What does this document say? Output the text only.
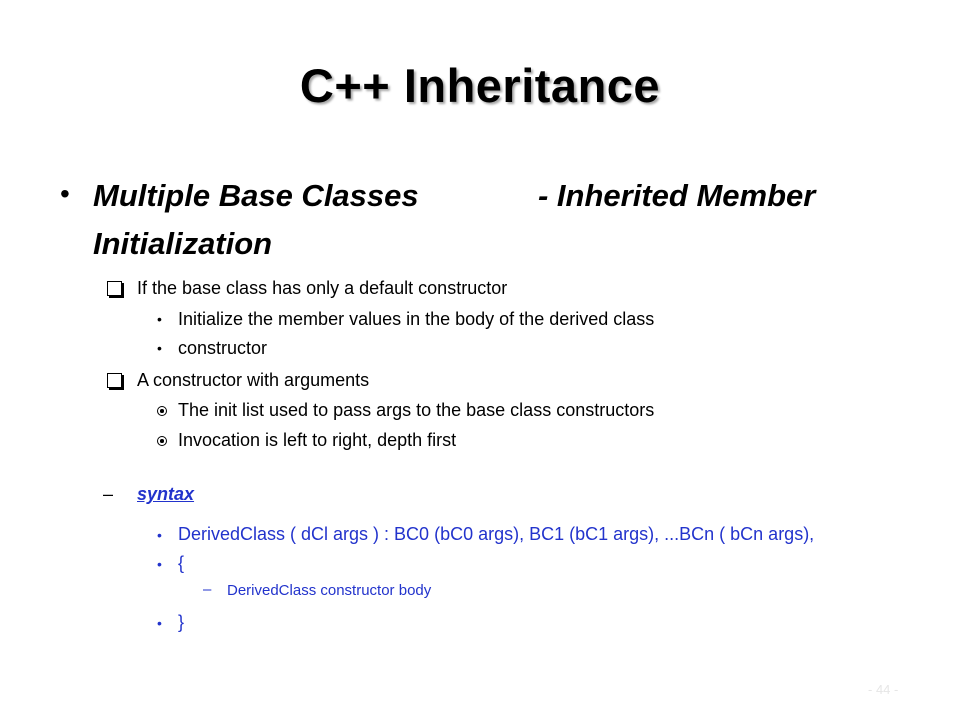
C++ Inheritance
• Multiple Base Classes	- Inherited Member
Initialization
If the base class has only a default constructor
• Initialize the member values in the body of the derived class
• constructor
A constructor with arguments
The init list used to pass args to the base class constructors
Invocation is left to right, depth first
– syntax
• DerivedClass ( dCl args ) : BC0 (bC0 args), BC1 (bC1 args), ...BCn ( bCn args),
• {
– DerivedClass constructor body
• }
- 44 -
